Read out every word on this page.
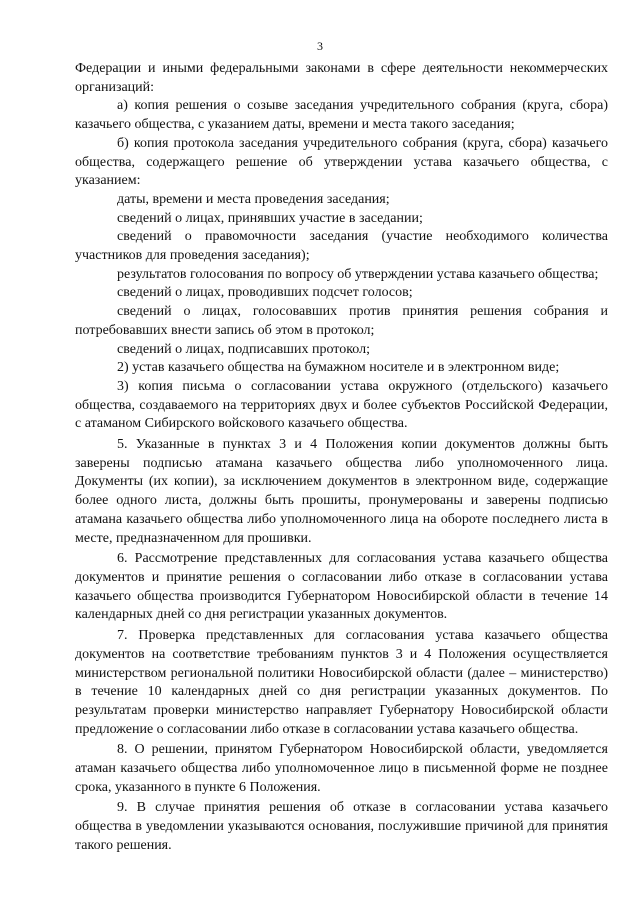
3

Федерации и иными федеральными законами в сфере деятельности некоммерческих организаций:

а) копия решения о созыве заседания учредительного собрания (круга, сбора) казачьего общества, с указанием даты, времени и места такого заседания;

б) копия протокола заседания учредительного собрания (круга, сбора) казачьего общества, содержащего решение об утверждении устава казачьего общества, с указанием:

даты, времени и места проведения заседания;

сведений о лицах, принявших участие в заседании;

сведений о правомочности заседания (участие необходимого количества участников для проведения заседания);

результатов голосования по вопросу об утверждении устава казачьего общества;

сведений о лицах, проводивших подсчет голосов;

сведений о лицах, голосовавших против принятия решения собрания и потребовавших внести запись об этом в протокол;

сведений о лицах, подписавших протокол;

2) устав казачьего общества на бумажном носителе и в электронном виде;

3) копия письма о согласовании устава окружного (отдельского) казачьего общества, создаваемого на территориях двух и более субъектов Российской Федерации, с атаманом Сибирского войскового казачьего общества.

5. Указанные в пунктах 3 и 4 Положения копии документов должны быть заверены подписью атамана казачьего общества либо уполномоченного лица. Документы (их копии), за исключением документов в электронном виде, содержащие более одного листа, должны быть прошиты, пронумерованы и заверены подписью атамана казачьего общества либо уполномоченного лица на обороте последнего листа в месте, предназначенном для прошивки.

6. Рассмотрение представленных для согласования устава казачьего общества документов и принятие решения о согласовании либо отказе в согласовании устава казачьего общества производится Губернатором Новосибирской области в течение 14 календарных дней со дня регистрации указанных документов.

7. Проверка представленных для согласования устава казачьего общества документов на соответствие требованиям пунктов 3 и 4 Положения осуществляется министерством региональной политики Новосибирской области (далее – министерство) в течение 10 календарных дней со дня регистрации указанных документов. По результатам проверки министерство направляет Губернатору Новосибирской области предложение о согласовании либо отказе в согласовании устава казачьего общества.

8. О решении, принятом Губернатором Новосибирской области, уведомляется атаман казачьего общества либо уполномоченное лицо в письменной форме не позднее срока, указанного в пункте 6 Положения.

9. В случае принятия решения об отказе в согласовании устава казачьего общества в уведомлении указываются основания, послужившие причиной для принятия такого решения.
